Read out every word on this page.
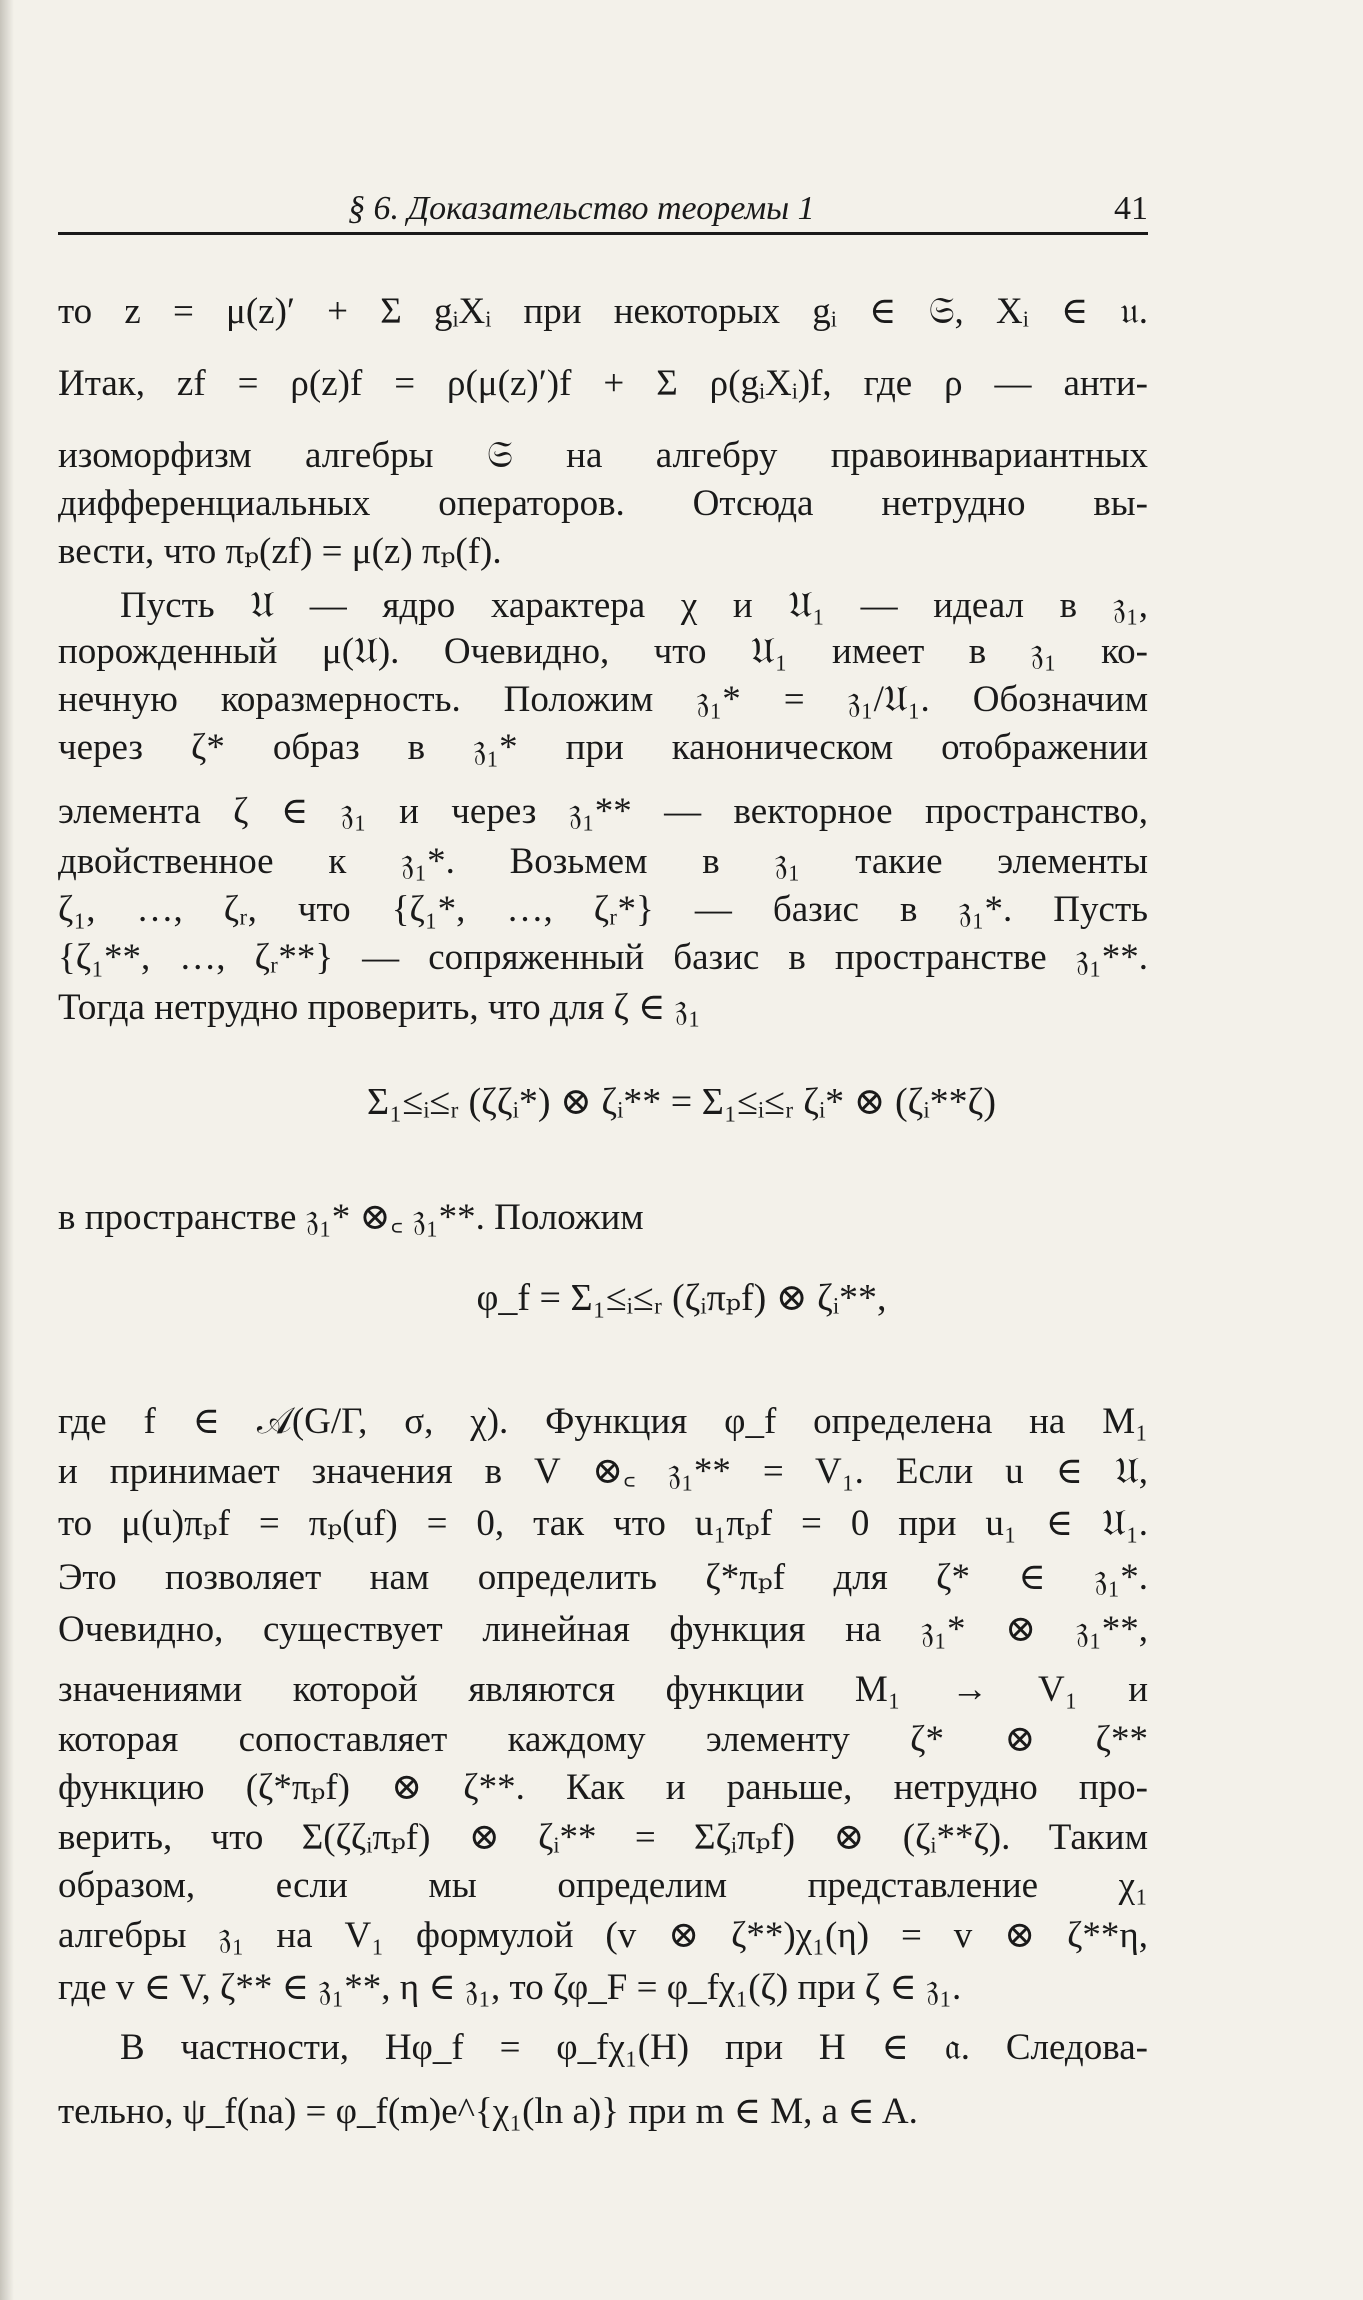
§ 6. Доказательство теоремы 1	41
то z = μ(z)′ + Σ gᵢXᵢ при некоторых gᵢ ∈ 𝔖, Xᵢ ∈ 𝔲.
Итак, zf = ρ(z)f = ρ(μ(z)′)f + Σ ρ(gᵢXᵢ)f, где ρ — анти-
изоморфизм алгебры 𝔖 на алгебру правоинвариантных
дифференциальных операторов. Отсюда нетрудно вы-
вести, что πₚ(zf) = μ(z) πₚ(f).
Пусть 𝔘 — ядро характера χ и 𝔘₁ — идеал в 𝔷₁,
порожденный μ(𝔘). Очевидно, что 𝔘₁ имеет в 𝔷₁ ко-
нечную коразмерность. Положим 𝔷₁* = 𝔷₁/𝔘₁. Обозначим
через ζ* образ в 𝔷₁* при каноническом отображении
элемента ζ ∈ 𝔷₁ и через 𝔷₁** — векторное пространство,
двойственное к 𝔷₁*. Возьмем в 𝔷₁ такие элементы
ζ₁, …, ζᵣ, что {ζ₁*, …, ζᵣ*} — базис в 𝔷₁*. Пусть
{ζ₁**, …, ζᵣ**} — сопряженный базис в пространстве 𝔷₁**.
Тогда нетрудно проверить, что для ζ ∈ 𝔷₁
Σ₁≤ᵢ≤ᵣ (ζζᵢ*) ⊗ ζᵢ** = Σ₁≤ᵢ≤ᵣ ζᵢ* ⊗ (ζᵢ**ζ)
в пространстве 𝔷₁* ⊗꜀ 𝔷₁**. Положим
φ_f = Σ₁≤ᵢ≤ᵣ (ζᵢπₚf) ⊗ ζᵢ**,
где f ∈ 𝒜(G/Γ, σ, χ). Функция φ_f определена на M₁
и принимает значения в V ⊗꜀ 𝔷₁** = V₁. Если u ∈ 𝔘,
то μ(u)πₚf = πₚ(uf) = 0, так что u₁πₚf = 0 при u₁ ∈ 𝔘₁.
Это позволяет нам определить ζ*πₚf для ζ* ∈ 𝔷₁*.
Очевидно, существует линейная функция на 𝔷₁* ⊗ 𝔷₁**,
значениями которой являются функции M₁ → V₁ и
которая сопоставляет каждому элементу ζ* ⊗ ζ**
функцию (ζ*πₚf) ⊗ ζ**. Как и раньше, нетрудно про-
верить, что Σ(ζζᵢπₚf) ⊗ ζᵢ** = Σζᵢπₚf) ⊗ (ζᵢ**ζ). Таким
образом, если мы определим представление χ₁
алгебры 𝔷₁ на V₁ формулой (v ⊗ ζ**)χ₁(η) = v ⊗ ζ**η,
где v ∈ V, ζ** ∈ 𝔷₁**, η ∈ 𝔷₁, то ζφ_F = φ_fχ₁(ζ) при ζ ∈ 𝔷₁.
В частности, Hφ_f = φ_fχ₁(H) при H ∈ 𝔞. Следова-
тельно, ψ_f(na) = φ_f(m)e^{χ₁(ln a)} при m ∈ M, a ∈ A.
